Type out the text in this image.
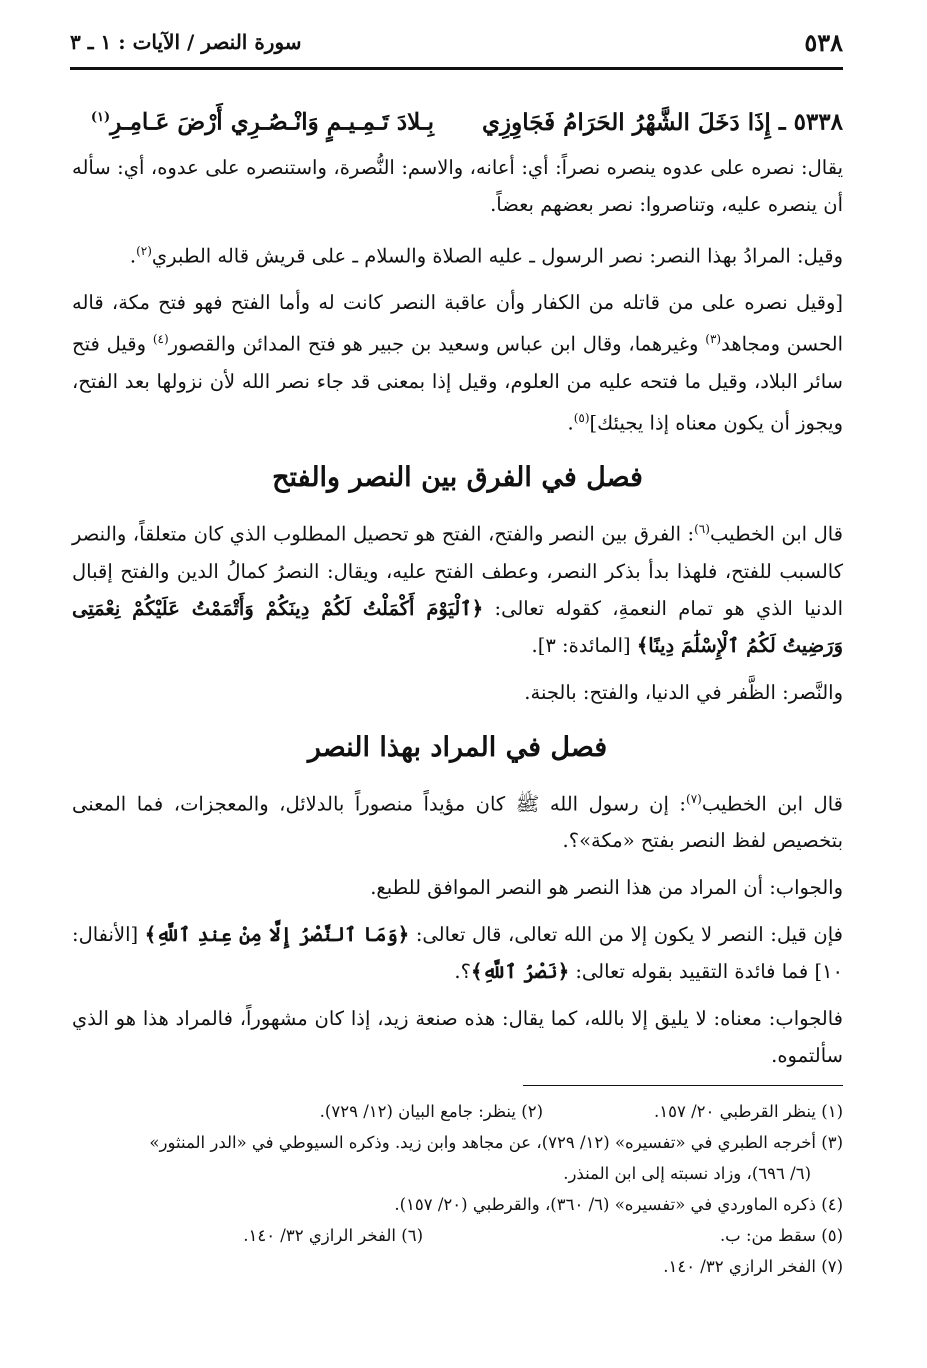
٥٣٨
سورة النصر / الآيات : ١ ـ ٣
٥٣٣٨ ـ إِذَا دَخَلَ الشَّهْرُ الحَرَامُ فَجَاوِزِي بِـلادَ تَـمِـيـمٍ وَانْـصُـرِي أَرْضَ عَـامِـرِ$^{(١)}$

يقال: نصره على عدوه ينصره نصراً: أي: أعانه، والاسم: النُّصرة، واستنصره على عدوه، أي: سأله أن ينصره عليه، وتناصروا: نصر بعضهم بعضاً.

وقيل: المرادُ بهذا النصر: نصر الرسول ـ عليه الصلاة والسلام ـ على قريش قاله الطبري$^{(٢)}$.

[وقيل نصره على من قاتله من الكفار وأن عاقبة النصر كانت له وأما الفتح فهو فتح مكة، قاله الحسن ومجاهد$^{(٣)}$ وغيرهما، وقال ابن عباس وسعيد بن جبير هو فتح المدائن والقصور$^{(٤)}$ وقيل فتح سائر البلاد، وقيل ما فتحه عليه من العلوم، وقيل إذا بمعنى قد جاء نصر الله لأن نزولها بعد الفتح، ويجوز أن يكون معناه إذا يجيئك]$^{(٥)}$.

فصل في الفرق بين النصر والفتح

قال ابن الخطيب$^{(٦)}$: الفرق بين النصر والفتح، الفتح هو تحصيل المطلوب الذي كان متعلقاً، والنصر كالسبب للفتح، فلهذا بدأ بذكر النصر، وعطف الفتح عليه، ويقال: النصرُ كمالُ الدين والفتح إقبال الدنيا الذي هو تمام النعمةِ، كقوله تعالى: ﴿ٱلْيَوْمَ أَكْمَلْتُ لَكُمْ دِينَكُمْ وَأَتْمَمْتُ عَلَيْكُمْ نِعْمَتِى وَرَضِيتُ لَكُمُ ٱلْإِسْلَٰمَ دِينًا﴾ [المائدة: ٣].

والنَّصر: الظَّفر في الدنيا، والفتح: بالجنة.

فصل في المراد بهذا النصر

قال ابن الخطيب$^{(٧)}$: إن رسول الله ﷺ كان مؤيداً منصوراً بالدلائل، والمعجزات، فما المعنى بتخصيص لفظ النصر بفتح «مكة»؟.

والجواب: أن المراد من هذا النصر هو النصر الموافق للطبع.

فإن قيل: النصر لا يكون إلا من الله تعالى، قال تعالى: ﴿وَمَا ٱلنَّصْرُ إِلَّا مِنْ عِندِ ٱللَّهِ﴾ [الأنفال: ١٠] فما فائدة التقييد بقوله تعالى: ﴿نَصْرُ ٱللَّهِ﴾؟.

فالجواب: معناه: لا يليق إلا بالله، كما يقال: هذه صنعة زيد، إذا كان مشهوراً، فالمراد هذا هو الذي سألتموه.

(١) ينظر القرطبي ٢٠/ ١٥٧.
(٢) ينظر: جامع البيان (١٢/ ٧٢٩).
(٣) أخرجه الطبري في «تفسيره» (١٢/ ٧٢٩)، عن مجاهد وابن زيد. وذكره السيوطي في «الدر المنثور»
(٦/ ٦٩٦)، وزاد نسبته إلى ابن المنذر.
(٤) ذكره الماوردي في «تفسيره» (٦/ ٣٦٠)، والقرطبي (٢٠/ ١٥٧).
(٥) سقط من: ب.
(٦) الفخر الرازي ٣٢/ ١٤٠.
(٧) الفخر الرازي ٣٢/ ١٤٠.
